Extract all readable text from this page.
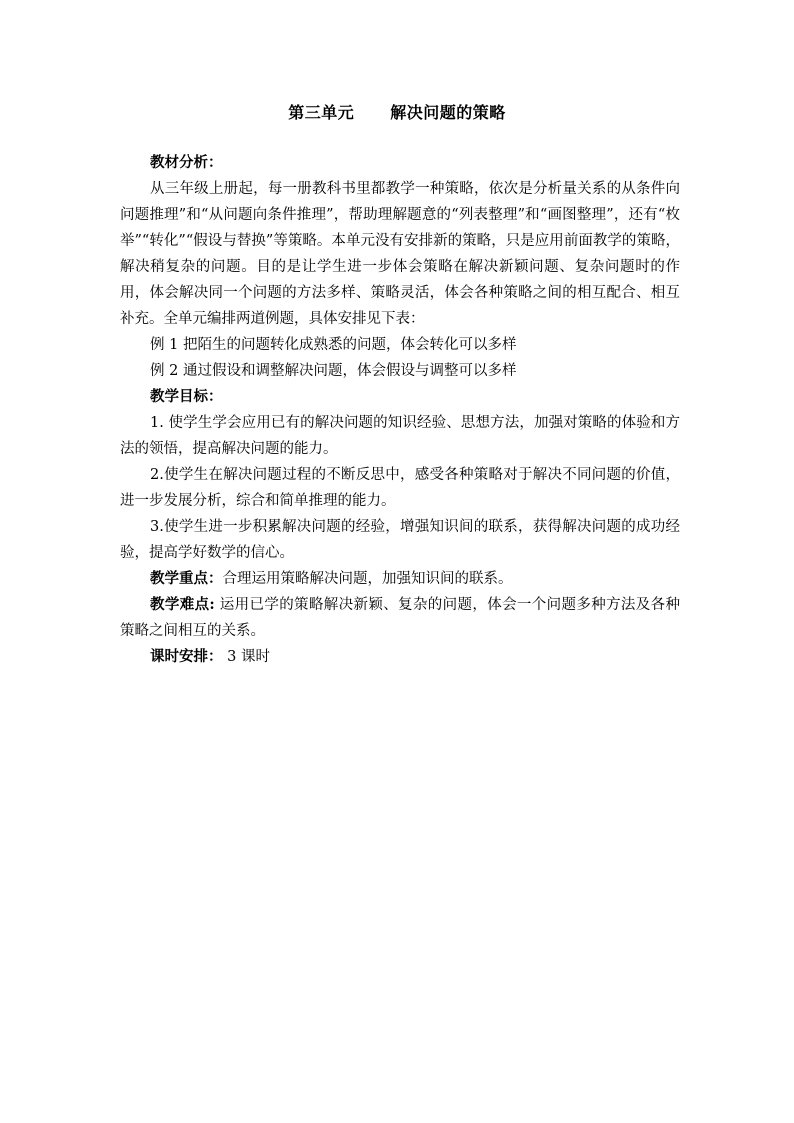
第三单元 解决问题的策略

教材分析：

从三年级上册起，每一册教科书里都教学一种策略，依次是分析量关系的从条件向问题推理”和“从问题向条件推理”，帮助理解题意的“列表整理”和“画图整理”，还有“枚举”“转化”“假设与替换”等策略。本单元没有安排新的策略，只是应用前面教学的策略，解决稍复杂的问题。目的是让学生进一步体会策略在解决新颖问题、复杂问题时的作用，体会解决同一个问题的方法多样、策略灵活，体会各种策略之间的相互配合、相互补充。全单元编排两道例题，具体安排见下表：

例 1 把陌生的问题转化成熟悉的问题，体会转化可以多样

例 2 通过假设和调整解决问题，体会假设与调整可以多样

教学目标：

1. 使学生学会应用已有的解决问题的知识经验、思想方法，加强对策略的体验和方法的领悟，提高解决问题的能力。

2.使学生在解决问题过程的不断反思中，感受各种策略对于解决不同问题的价值，进一步发展分析，综合和简单推理的能力。

3.使学生进一步积累解决问题的经验，增强知识间的联系，获得解决问题的成功经验，提高学好数学的信心。

教学重点：合理运用策略解决问题，加强知识间的联系。

教学难点: 运用已学的策略解决新颖、复杂的问题，体会一个问题多种方法及各种策略之间相互的关系。

课时安排： 3 课时
